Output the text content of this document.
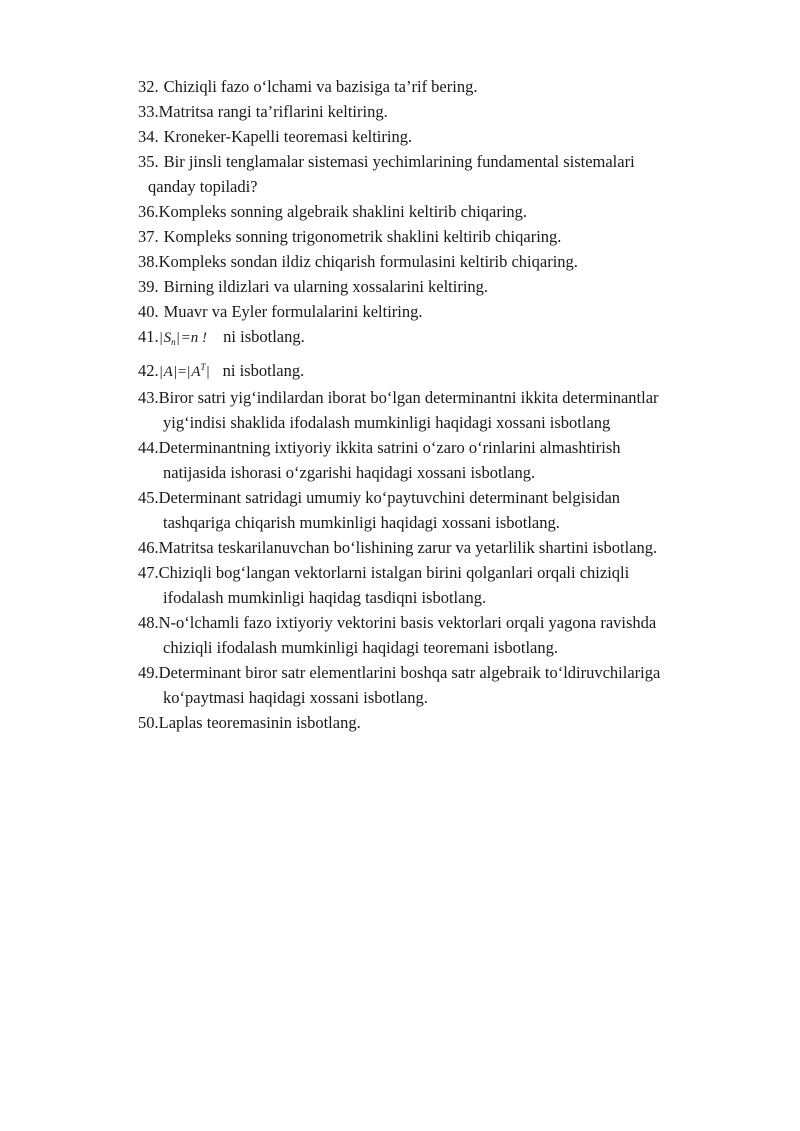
32. Chiziqli fazo o‘lchami va bazisiga ta’rif bering.
33.Matritsa rangi ta’riflarini keltiring.
34. Kroneker-Kapelli teoremasi keltiring.
35. Bir jinsli tenglamalar sistemasi yechimlarining fundamental sistemalari
qanday topiladi?
36.Kompleks sonning algebraik shaklini keltirib chiqaring.
37. Kompleks sonning trigonometrik shaklini keltirib chiqaring.
38.Kompleks sondan ildiz chiqarish formulasini keltirib chiqaring.
39. Birning ildizlari va ularning xossalarini keltiring.
40. Muavr va Eyler formulalarini keltiring.
$41.|S_n|=n$ ! ni isbotlang.
$42.|A|=|A^T|$ ni isbotlang.
43.Biror satri yig‘indilardan iborat bo‘lgan determinantni ikkita determinantlar
yig‘indisi shaklida ifodalash mumkinligi haqidagi xossani isbotlang
44.Determinantning ixtiyoriy ikkita satrini o‘zaro o‘rinlarini almashtirish
natijasida ishorasi o‘zgarishi haqidagi xossani isbotlang.
45.Determinant satridagi umumiy ko‘paytuvchini determinant belgisidan
tashqariga chiqarish mumkinligi haqidagi xossani isbotlang.
46.Matritsa teskarilanuvchan bo‘lishining zarur va yetarlilik shartini isbotlang.
47.Chiziqli bog‘langan vektorlarni istalgan birini qolganlari orqali chiziqli
ifodalash mumkinligi haqidag tasdiqni isbotlang.
48.N-o‘lchamli fazo ixtiyoriy vektorini basis vektorlari orqali yagona ravishda
chiziqli ifodalash mumkinligi haqidagi teoremani isbotlang.
49.Determinant biror satr elementlarini boshqa satr algebraik to‘ldiruvchilariga
ko‘paytmasi haqidagi xossani isbotlang.
50.Laplas teoremasinin isbotlang.
